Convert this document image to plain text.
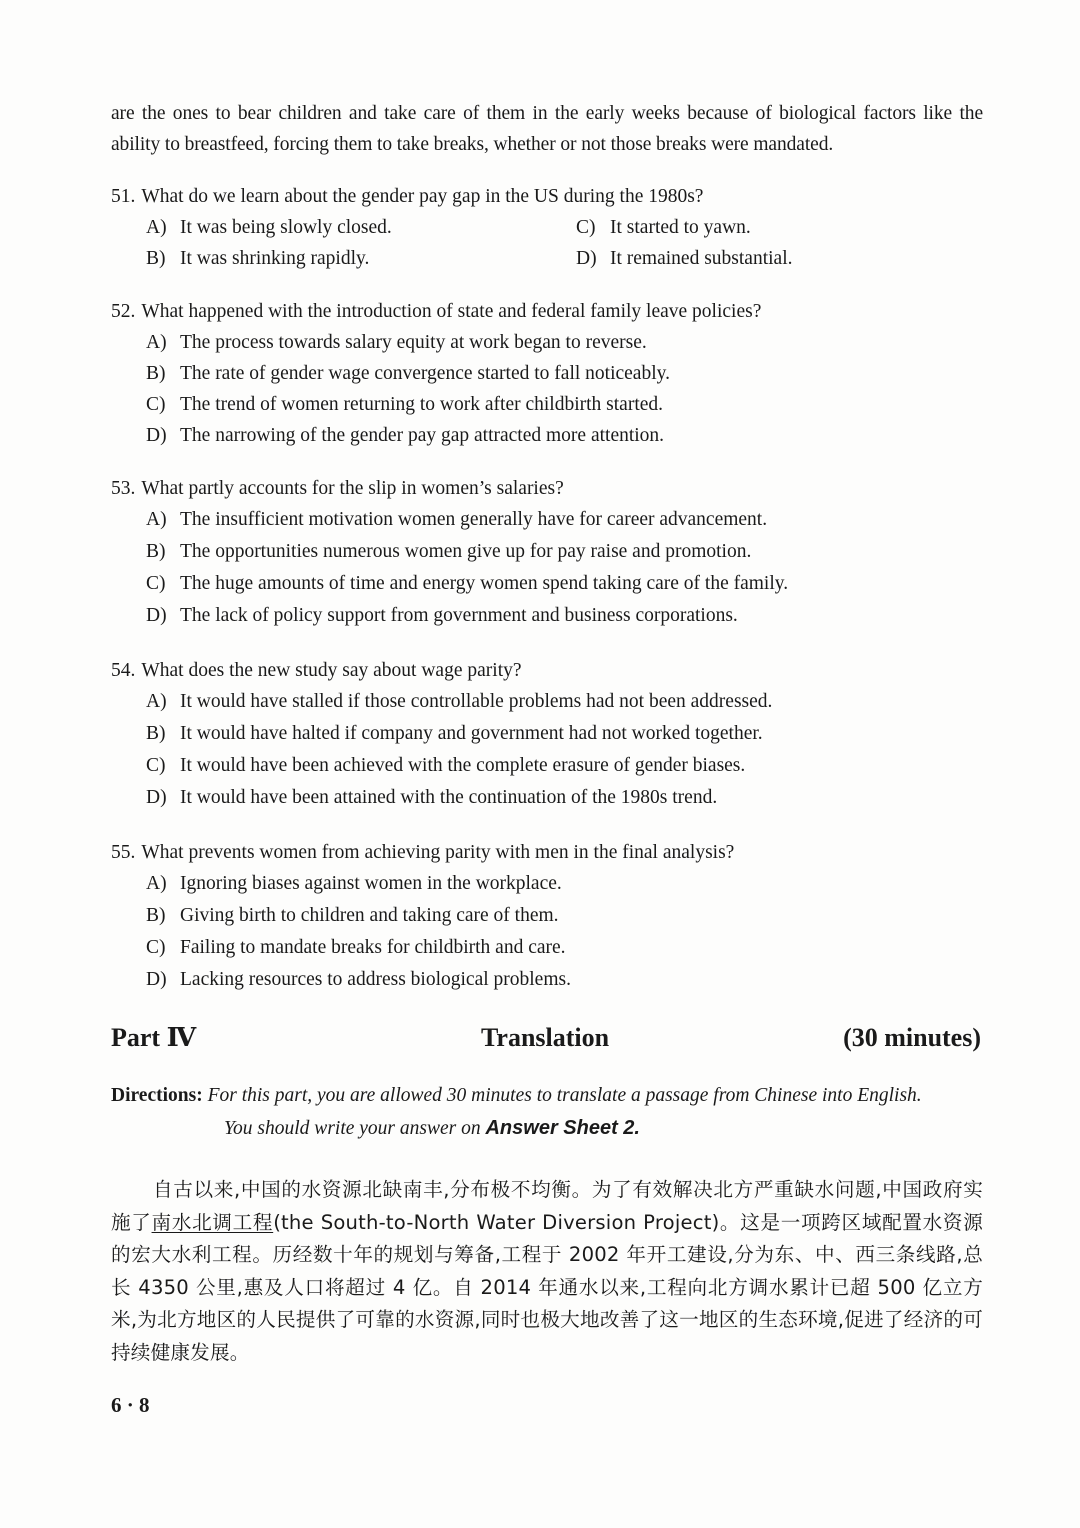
are the ones to bear children and take care of them in the early weeks because of biological factors like the ability to breastfeed, forcing them to take breaks, whether or not those breaks were mandated.

51. What do we learn about the gender pay gap in the US during the 1980s?
A) It was being slowly closed.	C) It started to yawn.
B) It was shrinking rapidly.	D) It remained substantial.
52. What happened with the introduction of state and federal family leave policies?
A) The process towards salary equity at work began to reverse.
B) The rate of gender wage convergence started to fall noticeably.
C) The trend of women returning to work after childbirth started.
D) The narrowing of the gender pay gap attracted more attention.
53. What partly accounts for the slip in women’s salaries?
A) The insufficient motivation women generally have for career advancement.
B) The opportunities numerous women give up for pay raise and promotion.
C) The huge amounts of time and energy women spend taking care of the family.
D) The lack of policy support from government and business corporations.
54. What does the new study say about wage parity?
A) It would have stalled if those controllable problems had not been addressed.
B) It would have halted if company and government had not worked together.
C) It would have been achieved with the complete erasure of gender biases.
D) It would have been attained with the continuation of the 1980s trend.
55. What prevents women from achieving parity with men in the final analysis?
A) Ignoring biases against women in the workplace.
B) Giving birth to children and taking care of them.
C) Failing to mandate breaks for childbirth and care.
D) Lacking resources to address biological problems.
Part Ⅳ	Translation	(30 minutes)
Directions: For this part, you are allowed 30 minutes to translate a passage from Chinese into English.
You should write your answer on Answer Sheet 2.

自古以来,中国的水资源北缺南丰,分布极不均衡。为了有效解决北方严重缺水问题,中国政府实施了南水北调工程(the South-to-North Water Diversion Project)。这是一项跨区域配置水资源的宏大水利工程。历经数十年的规划与筹备,工程于 2002 年开工建设,分为东、中、西三条线路,总长 4350 公里,惠及人口将超过 4 亿。自 2014 年通水以来,工程向北方调水累计已超 500 亿立方米,为北方地区的人民提供了可靠的水资源,同时也极大地改善了这一地区的生态环境,促进了经济的可持续健康发展。

6 · 8
